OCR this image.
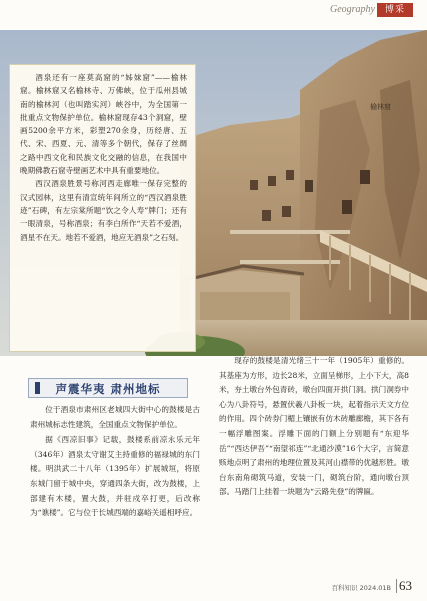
Geography	博采
榆林窟

酒泉还有一座莫高窟的“姊妹窟”——榆林窟。榆林窟又名榆林寺、万佛峡，位于瓜州县城南的榆林河（也叫踏实河）峡谷中，为全国第一批重点文物保护单位。榆林窟现存43个洞窟，壁画5200余平方米，彩塑270余身，历经唐、五代、宋、西夏、元、清等多个朝代，保存了丝绸之路中西文化和民族文化交融的信息，在我国中晚期佛教石窟寺壁画艺术中具有重要地位。

西汉酒泉胜景号称河西走廊唯一保存完整的汉式园林，这里有清宣统年间所立的“西汉酒泉胜迹”石碑，有左宗棠所题“饮之令人寿”牌门；还有一眼清泉，号称酒泉；有李白所作“天若不爱酒，酒星不在天。地若不爱酒，地应无酒泉”之石刻。

声震华夷 肃州地标

位于酒泉市肃州区老城四大街中心的鼓楼是古肃州城标志性建筑，全国重点文物保护单位。

据《西凉旧事》记载，鼓楼系前凉永乐元年（346年）酒泉太守谢艾主持重修的福禄城的东门楼。明洪武二十八年（1395年）扩展城垣，将原东城门留于城中央，穿通四条大街，改为鼓楼，上部建有木楼，置大鼓，并驻戍卒打更，后改称为“谯楼”。它与位于长城西端的嘉峪关遥相呼应。

现存的鼓楼是清光绪三十一年（1905年）重修的。其基座为方形，边长28米，立面呈梯形，上小下大，高8米，夯土墩台外包青砖，墩台四面开拱门洞。拱门洞券中心为八卦符号，悬置伏羲八卦板一块，起着指示天文方位的作用。四个砖券门楣上镶嵌有仿木砖雕廊檐，其下各有一幅浮雕图案。浮雕下面的门额上分别题有“东迎华岳”“西达伊吾”“南望祁连”“北通沙漠”16个大字，言简意赅地点明了肃州的地理位置及其河山襟带的优越形胜。墩台东南角砌筑马道，安装一门，砌筑台阶，通向墩台顶部。马踏门上挂着一块题为“云路先登”的牌匾。

百科知识 2024.01B 63
